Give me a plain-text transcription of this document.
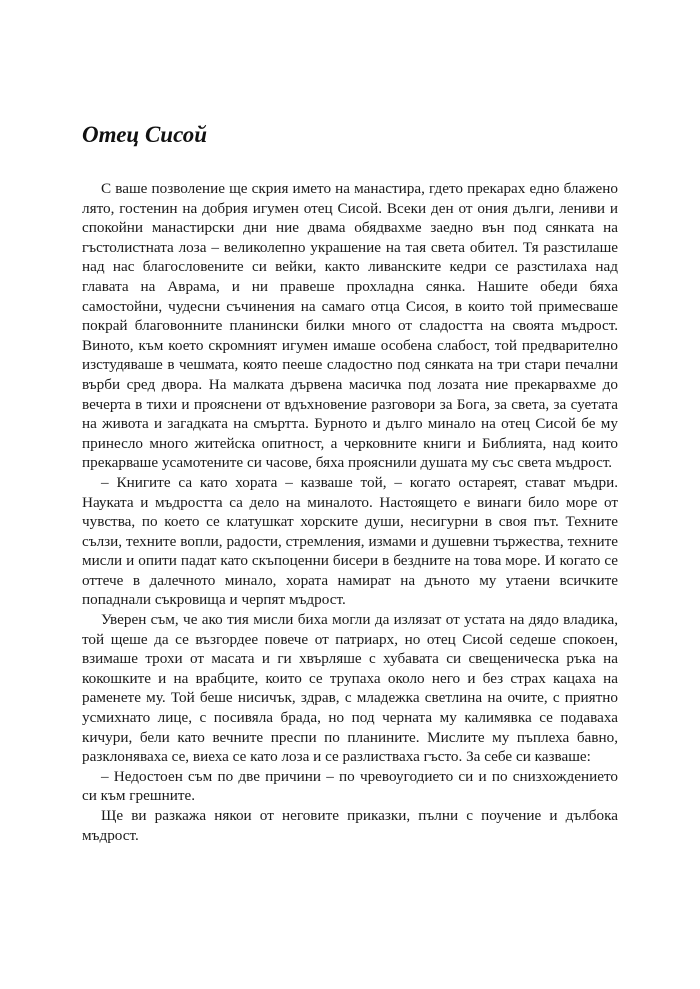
Отец Сисой

С ваше позволение ще скрия името на манастира, гдето прекарах едно блажено лято, гостенин на добрия игумен отец Сисой. Всеки ден от ония дълги, лениви и спокойни манастирски дни ние двама обядвахме заедно вън под сянката на гъстолистната лоза – великолепно украшение на тая света обител. Тя разстилаше над нас благословените си вейки, както ливанските кедри се разстилаха над главата на Аврама, и ни правеше прохладна сянка. Нашите обеди бяха самостойни, чудесни съчинения на самаго отца Сисоя, в които той примесваше покрай благовонните планински билки много от сладостта на своята мъдрост. Виното, към което скромният игумен имаше особена слабост, той предварително изстудяваше в чешмата, която пееше сладостно под сянката на три стари печални върби сред двора. На малката дървена масичка под лозата ние прекарвахме до вечерта в тихи и прояснени от вдъхновение разговори за Бога, за света, за суетата на живота и загадката на смъртта. Бурното и дълго минало на отец Сисой бе му принесло много житейска опитност, а черковните книги и Библията, над които прекарваше усамотените си часове, бяха прояснили душата му със света мъдрост.

– Книгите са като хората – казваше той, – когато остареят, стават мъдри. Науката и мъдростта са дело на миналото. Настоящето е винаги било море от чувства, по което се клатушкат хорските души, несигурни в своя път. Техните сълзи, техните вопли, радости, стремления, измами и душевни тържества, техните мисли и опити падат като скъпоценни бисери в бездните на това море. И когато се оттече в далечното минало, хората намират на дъното му утаени всичките попаднали съкровища и черпят мъдрост.

Уверен съм, че ако тия мисли биха могли да излязат от устата на дядо владика, той щеше да се възгордее повече от патриарх, но отец Сисой седеше спокоен, взимаше трохи от масата и ги хвърляше с хубавата си свещеническа ръка на кокошките и на врабците, които се трупаха около него и без страх кацаха на раменете му. Той беше нисичък, здрав, с младежка светлина на очите, с приятно усмихнато лице, с посивяла брада, но под черната му калимявка се подаваха кичури, бели като вечните преспи по планините. Мислите му пъплеха бавно, разклоняваха се, виеха се като лоза и се разлистваха гъсто. За себе си казваше:

– Недостоен съм по две причини – по чревоугодието си и по снизхождението си към грешните.

Ще ви разкажа някои от неговите приказки, пълни с поучение и дълбока мъдрост.
